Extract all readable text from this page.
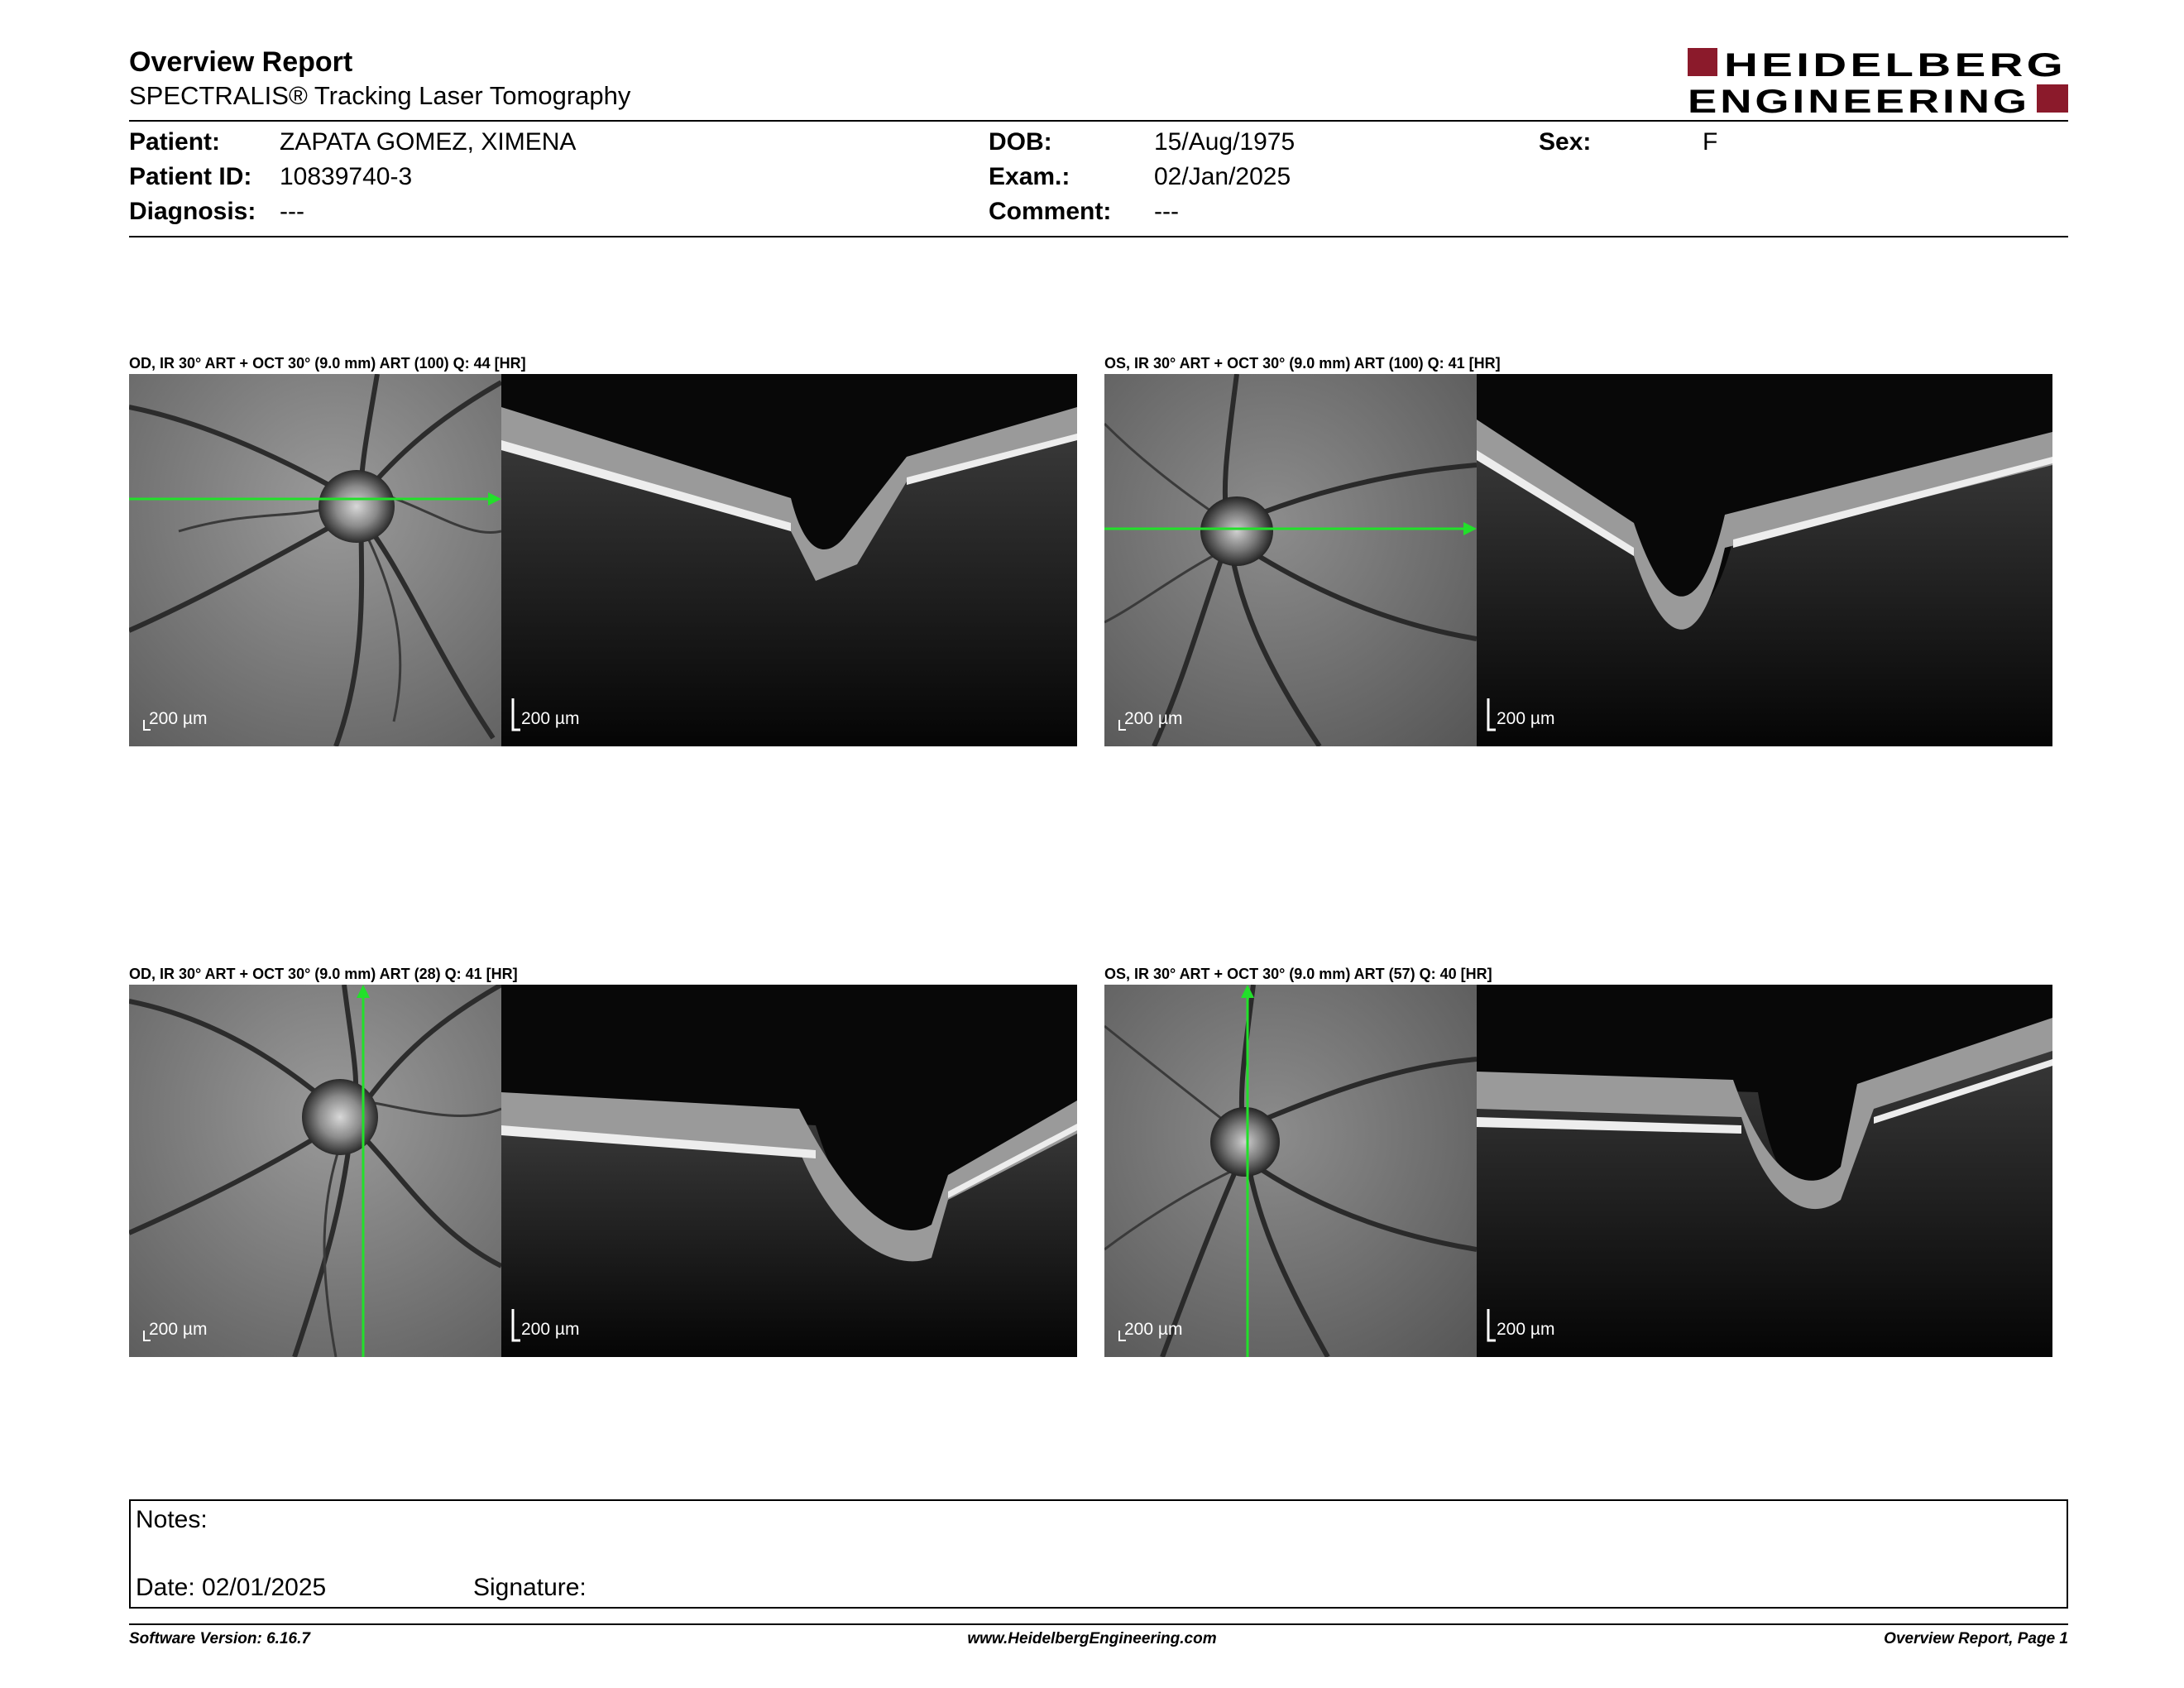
Overview Report
SPECTRALIS® Tracking Laser Tomography
HEIDELBERG
ENGINEERING
Patient: ZAPATA GOMEZ, XIMENA
Patient ID: 10839740-3
Diagnosis: ---
DOB:	15/Aug/1975
Exam.:	02/Jan/2025
Comment: ---
Sex:	F
OD, IR 30° ART + OCT 30° (9.0 mm) ART (100) Q: 44 [HR]	OS, IR 30° ART + OCT 30° (9.0 mm) ART (100) Q: 41 [HR]
OD, IR 30° ART + OCT 30° (9.0 mm) ART (28) Q: 41 [HR]	OS, IR 30° ART + OCT 30° (9.0 mm) ART (57) Q: 40 [HR]
200 µm	200 µm	200 µm	200 µm
200 µm	200 µm	200 µm	200 µm
Notes:
Date: 02/01/2025	Signature:
Software Version: 6.16.7	www.HeidelbergEngineering.com	Overview Report, Page 1
